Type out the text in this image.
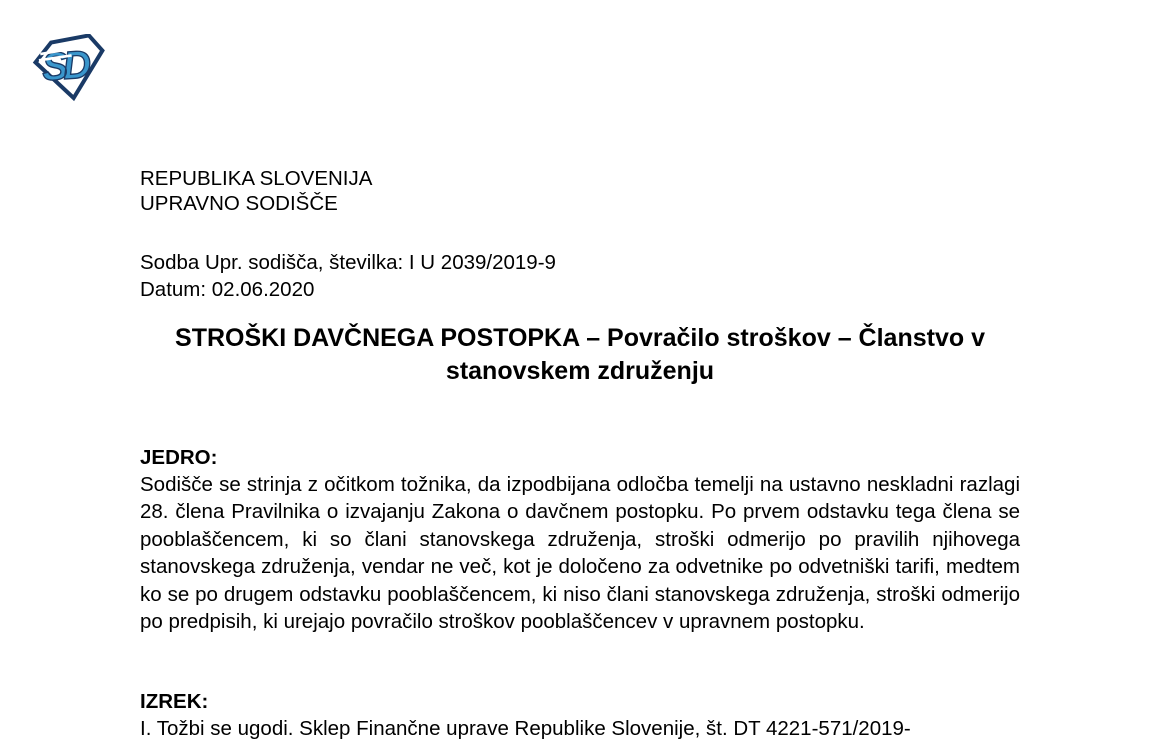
SD
REPUBLIKA SLOVENIJA
UPRAVNO SODIŠČE
Sodba Upr. sodišča, številka: I U 2039/2019-9
Datum: 02.06.2020
STROŠKI DAVČNEGA POSTOPKA – Povračilo stroškov – Članstvo v stanovskem združenju
JEDRO:

Sodišče se strinja z očitkom tožnika, da izpodbijana odločba temelji na ustavno neskladni razlagi 28. člena Pravilnika o izvajanju Zakona o davčnem postopku. Po prvem odstavku tega člena se pooblaščencem, ki so člani stanovskega združenja, stroški odmerijo po pravilih njihovega stanovskega združenja, vendar ne več, kot je določeno za odvetnike po odvetniški tarifi, medtem ko se po drugem odstavku pooblaščencem, ki niso člani stanovskega združenja, stroški odmerijo po predpisih, ki urejajo povračilo stroškov pooblaščencev v upravnem postopku.

IZREK:

I. Tožbi se ugodi. Sklep Finančne uprave Republike Slovenije, št. DT 4221-571/2019-
